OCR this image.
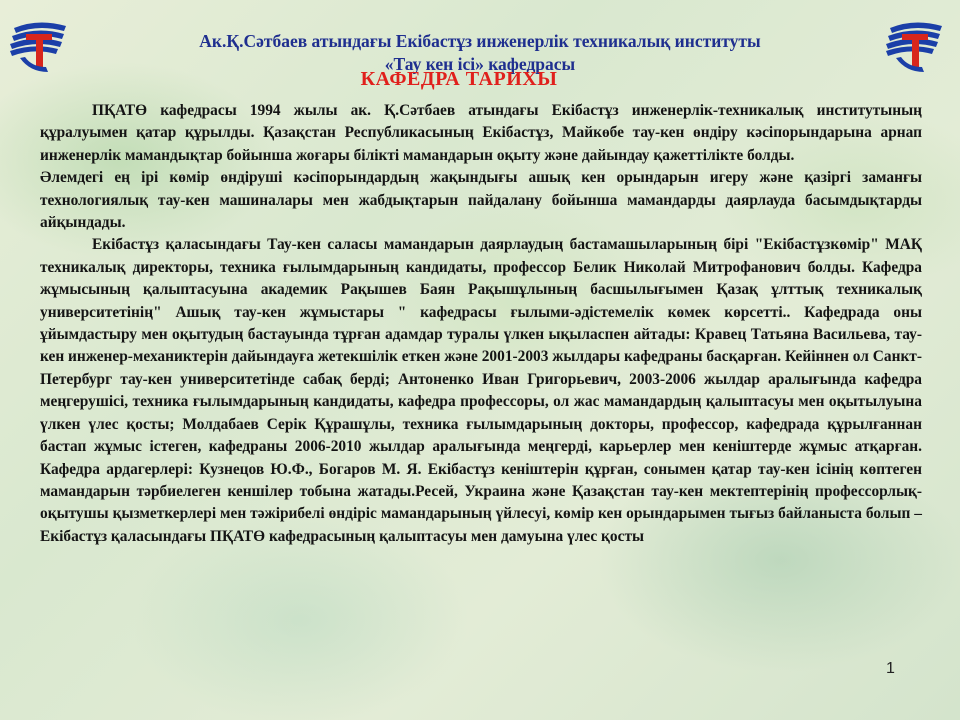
Ак.Қ.Сәтбаев атындағы Екібастұз инженерлік техникалық институты
«Тау кен ісі» кафедрасы
КАФЕДРА ТАРИХЫ

ПҚАТӨ кафедрасы 1994 жылы ак. Қ.Сәтбаев атындағы Екібастұз инженерлік-техникалық институтының құралуымен қатар құрылды. Қазақстан Республикасының Екібастұз, Майкөбе тау-кен өндіру кәсіпорындарына арнап инженерлік мамандықтар бойынша жоғары білікті мамандарын оқыту және дайындау қажеттілікте болды.

Әлемдегі ең ірі көмір өндіруші кәсіпорындардың жақындығы ашық кен орындарын игеру және қазіргі заманғы технологиялық тау-кен машиналары мен жабдықтарын пайдалану бойынша мамандарды даярлауда басымдықтарды айқындады.

Екібастұз қаласындағы Тау-кен саласы мамандарын даярлаудың бастамашыларының бірі "Екібастұзкөмір" МАҚ техникалық директоры, техника ғылымдарының кандидаты, профессор Белик Николай Митрофанович болды. Кафедра жұмысының қалыптасуына академик Рақышев Баян Рақышұлының басшылығымен Қазақ ұлттық техникалық университетінің" Ашық тау-кен жұмыстары " кафедрасы ғылыми-әдістемелік көмек көрсетті.. Кафедрада оны ұйымдастыру мен оқытудың бастауында тұрған адамдар туралы үлкен ықыласпен айтады: Кравец Татьяна Васильева, тау-кен инженер-механиктерін дайындауға жетекшілік еткен және 2001-2003 жылдары кафедраны басқарған. Кейіннен ол Санкт-Петербург тау-кен университетінде сабақ берді; Антоненко Иван Григорьевич, 2003-2006 жылдар аралығында кафедра меңгерушісі, техника ғылымдарының кандидаты, кафедра профессоры, ол жас мамандардың қалыптасуы мен оқытылуына үлкен үлес қосты; Молдабаев Серік Құрашұлы, техника ғылымдарының докторы, профессор, кафедрада құрылғаннан бастап жұмыс істеген, кафедраны 2006-2010 жылдар аралығында меңгерді, карьерлер мен кеніштерде жұмыс атқарған. Кафедра ардагерлері: Кузнецов Ю.Ф., Богаров М. Я. Екібастұз кеніштерін құрған, сонымен қатар тау-кен ісінің көптеген мамандарын тәрбиелеген кеншілер тобына жатады.Ресей, Украина және Қазақстан тау-кен мектептерінің профессорлық-оқытушы қызметкерлері мен тәжірибелі өндіріс мамандарының үйлесуі, көмір кен орындарымен тығыз байланыста болып – Екібастұз қаласындағы ПҚАТӨ кафедрасының қалыптасуы мен дамуына үлес қосты

1
